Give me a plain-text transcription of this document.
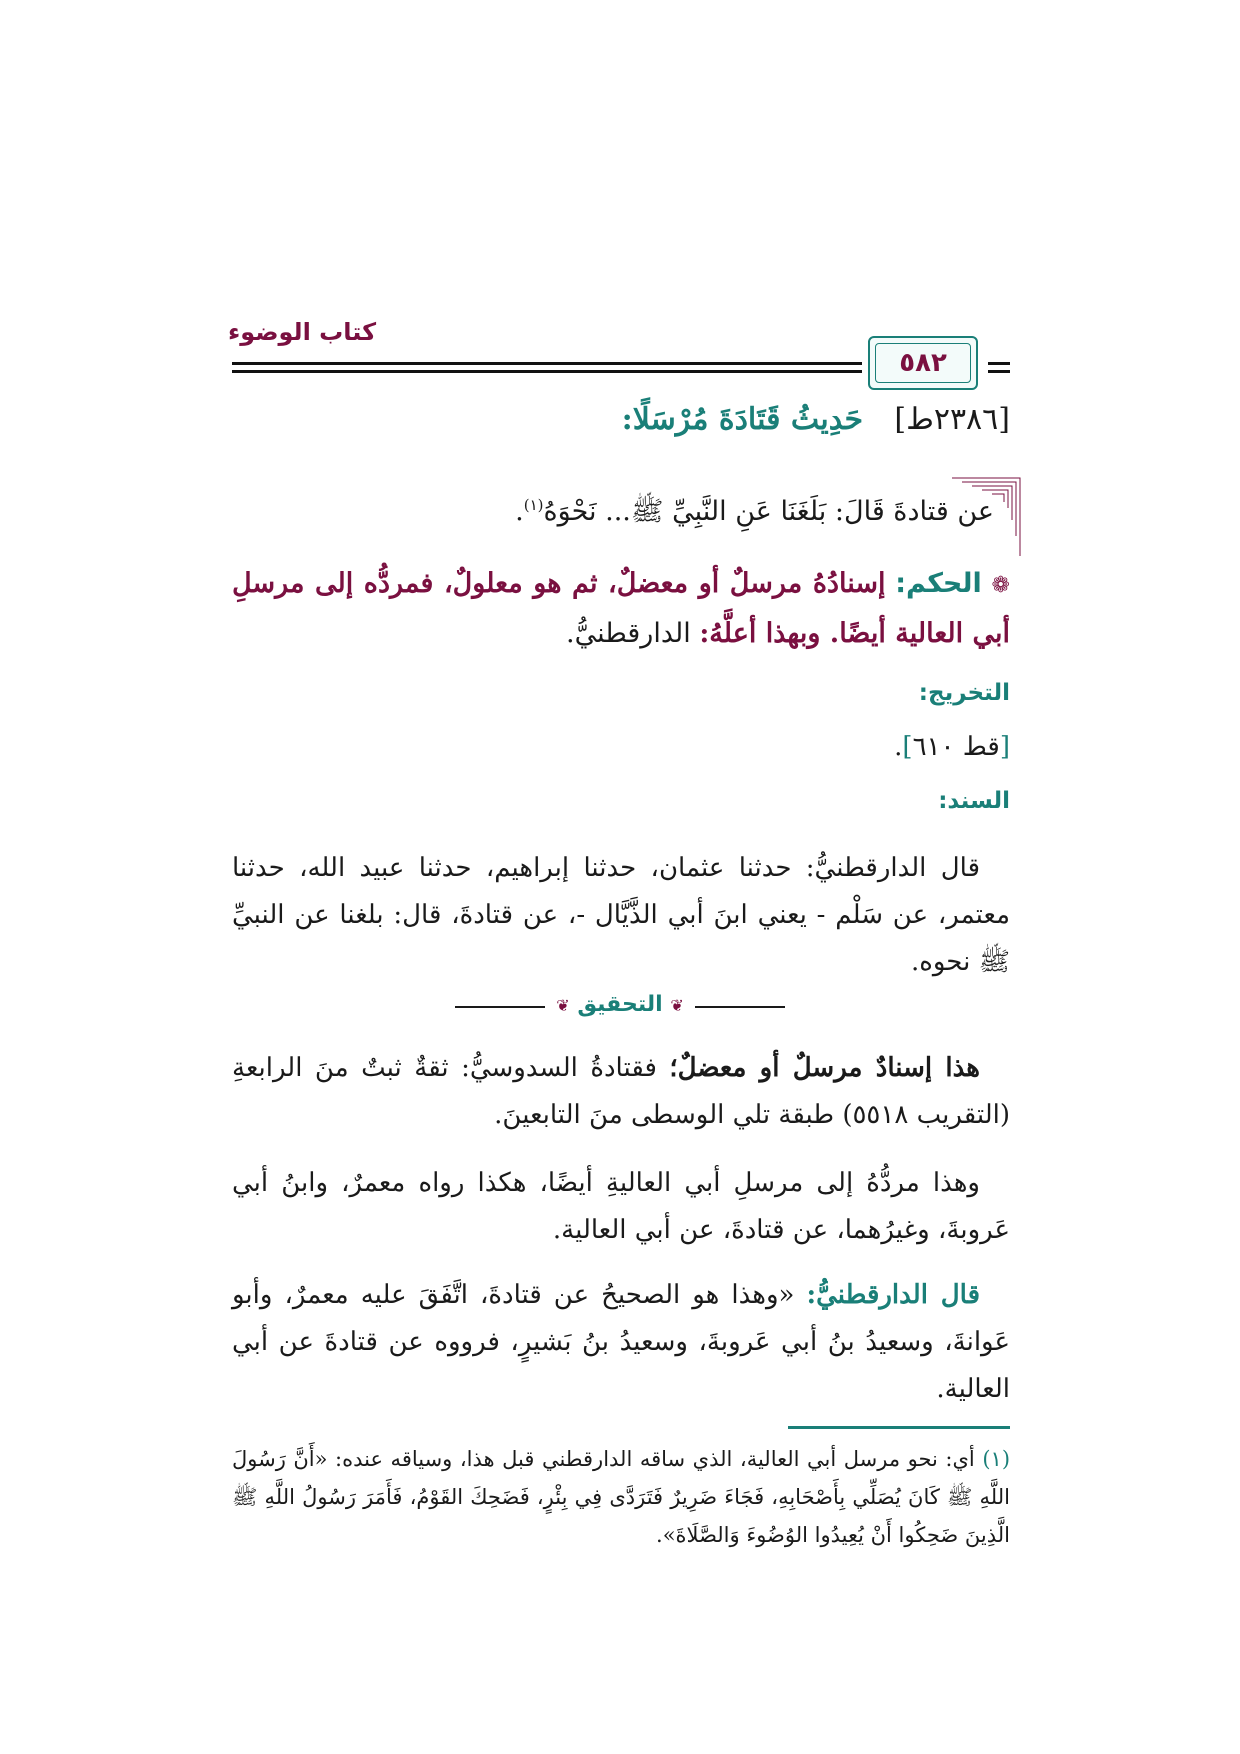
كتاب الوضوء
٥٨٢
[٢٣٨٦ط]   حَدِيثُ قَتَادَةَ مُرْسَلًا:
عن قتادةَ قَالَ: بَلَغَنَا عَنِ النَّبِيِّ ﷺ... نَحْوَهُ$^{(١)}$.
❁ الحكم: إسنادُهُ مرسلٌ أو معضلٌ، ثم هو معلولٌ، فمردُّه إلى مرسلِ أبي العالية أيضًا. وبهذا أعلَّهُ: الدارقطنيُّ.
التخريج:
[قط ٦١٠].
السند:
قال الدارقطنيُّ: حدثنا عثمان، حدثنا إبراهيم، حدثنا عبيد الله، حدثنا معتمر، عن سَلْم - يعني ابنَ أبي الذَّيَّال -، عن قتادةَ، قال: بلغنا عن النبيِّ ﷺ نحوه.
❦ التحقيق ❦
هذا إسنادٌ مرسلٌ أو معضلٌ؛ فقتادةُ السدوسيُّ: ثقةٌ ثبتٌ منَ الرابعةِ (التقريب ٥٥١٨) طبقة تلي الوسطى منَ التابعينَ.
وهذا مردُّهُ إلى مرسلِ أبي العاليةِ أيضًا، هكذا رواه معمرٌ، وابنُ أبي عَروبةَ، وغيرُهما، عن قتادةَ، عن أبي العالية.
قال الدارقطنيُّ: «وهذا هو الصحيحُ عن قتادةَ، اتَّفَقَ عليه معمرٌ، وأبو عَوانةَ، وسعيدُ بنُ أبي عَروبةَ، وسعيدُ بنُ بَشيرٍ، فرووه عن قتادةَ عن أبي العالية.
(١) أي: نحو مرسل أبي العالية، الذي ساقه الدارقطني قبل هذا، وسياقه عنده: «أَنَّ رَسُولَ اللَّهِ ﷺ كَانَ يُصَلِّي بِأَصْحَابِهِ، فَجَاءَ ضَرِيرٌ فَتَرَدَّى فِي بِئْرٍ، فَضَحِكَ القَوْمُ، فَأَمَرَ رَسُولُ اللَّهِ ﷺ الَّذِينَ ضَحِكُوا أَنْ يُعِيدُوا الوُضُوءَ وَالصَّلَاةَ».
